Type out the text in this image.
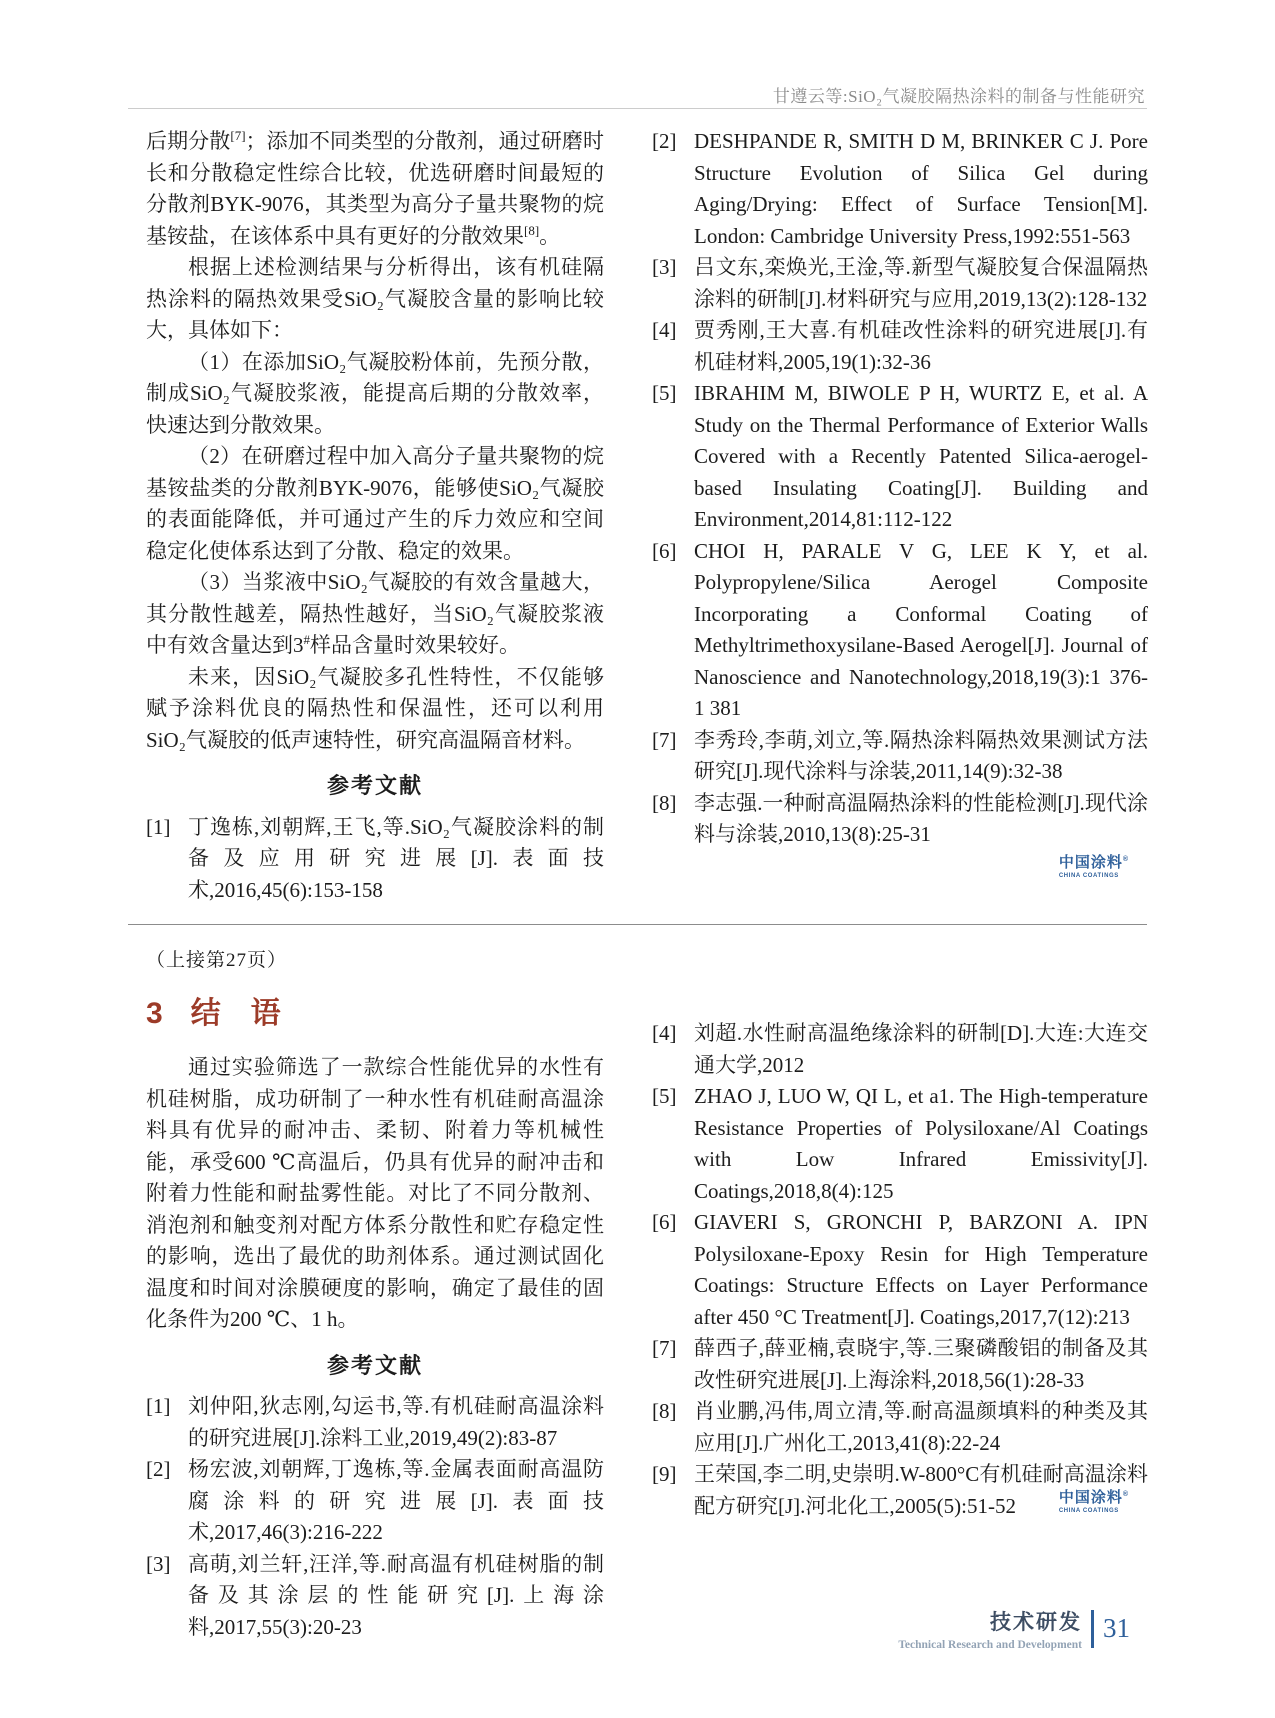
甘遵云等:SiO₂气凝胶隔热涂料的制备与性能研究

后期分散[7]；添加不同类型的分散剂，通过研磨时长和分散稳定性综合比较，优选研磨时间最短的分散剂BYK-9076，其类型为高分子量共聚物的烷基铵盐，在该体系中具有更好的分散效果[8]。

根据上述检测结果与分析得出，该有机硅隔热涂料的隔热效果受SiO₂气凝胶含量的影响比较大，具体如下：

（1）在添加SiO₂气凝胶粉体前，先预分散，制成SiO₂气凝胶浆液，能提高后期的分散效率，快速达到分散效果。

（2）在研磨过程中加入高分子量共聚物的烷基铵盐类的分散剂BYK-9076，能够使SiO₂气凝胶的表面能降低，并可通过产生的斥力效应和空间稳定化使体系达到了分散、稳定的效果。

（3）当浆液中SiO₂气凝胶的有效含量越大，其分散性越差，隔热性越好，当SiO₂气凝胶浆液中有效含量达到3#样品含量时效果较好。

未来，因SiO₂气凝胶多孔性特性，不仅能够赋予涂料优良的隔热性和保温性，还可以利用SiO₂气凝胶的低声速特性，研究高温隔音材料。

参考文献
[1] 丁逸栋,刘朝辉,王飞,等.SiO₂气凝胶涂料的制备及应用研究进展[J].表面技术,2016,45(6):153-158
[2] DESHPANDE R, SMITH D M, BRINKER C J. Pore Structure Evolution of Silica Gel during Aging/Drying: Effect of Surface Tension[M]. London: Cambridge University Press,1992:551-563
[3] 吕文东,栾焕光,王淦,等.新型气凝胶复合保温隔热涂料的研制[J].材料研究与应用,2019,13(2):128-132
[4] 贾秀刚,王大喜.有机硅改性涂料的研究进展[J].有机硅材料,2005,19(1):32-36
[5] IBRAHIM M, BIWOLE P H, WURTZ E, et al. A Study on the Thermal Performance of Exterior Walls Covered with a Recently Patented Silica-aerogel-based Insulating Coating[J]. Building and Environment,2014,81:112-122
[6] CHOI H, PARALE V G, LEE K Y, et al. Polypropylene/Silica Aerogel Composite Incorporating a Conformal Coating of Methyltrimethoxysilane-Based Aerogel[J]. Journal of Nanoscience and Nanotechnology,2018,19(3):1 376-1 381
[7] 李秀玲,李萌,刘立,等.隔热涂料隔热效果测试方法研究[J].现代涂料与涂装,2011,14(9):32-38
[8] 李志强.一种耐高温隔热涂料的性能检测[J].现代涂料与涂装,2010,13(8):25-31
中国涂料®
CHINA COATINGS
（上接第27页）
3 结　语

通过实验筛选了一款综合性能优异的水性有机硅树脂，成功研制了一种水性有机硅耐高温涂料具有优异的耐冲击、柔韧、附着力等机械性能，承受600 ℃高温后，仍具有优异的耐冲击和附着力性能和耐盐雾性能。对比了不同分散剂、消泡剂和触变剂对配方体系分散性和贮存稳定性的影响，选出了最优的助剂体系。通过测试固化温度和时间对涂膜硬度的影响，确定了最佳的固化条件为200 ℃、1 h。

参考文献
[1] 刘仲阳,狄志刚,勾运书,等.有机硅耐高温涂料的研究进展[J].涂料工业,2019,49(2):83-87
[2] 杨宏波,刘朝辉,丁逸栋,等.金属表面耐高温防腐涂料的研究进展[J].表面技术,2017,46(3):216-222
[3] 高萌,刘兰轩,汪洋,等.耐高温有机硅树脂的制备及其涂层的性能研究[J].上海涂料,2017,55(3):20-23
[4] 刘超.水性耐高温绝缘涂料的研制[D].大连:大连交通大学,2012
[5] ZHAO J, LUO W, QI L, et a1. The High-temperature Resistance Properties of Polysiloxane/Al Coatings with Low Infrared Emissivity[J]. Coatings,2018,8(4):125
[6] GIAVERI S, GRONCHI P, BARZONI A. IPN Polysiloxane-Epoxy Resin for High Temperature Coatings: Structure Effects on Layer Performance after 450 °C Treatment[J]. Coatings,2017,7(12):213
[7] 薛西子,薛亚楠,袁晓宇,等.三聚磷酸铝的制备及其改性研究进展[J].上海涂料,2018,56(1):28-33
[8] 肖业鹏,冯伟,周立清,等.耐高温颜填料的种类及其应用[J].广州化工,2013,41(8):22-24
[9] 王荣国,李二明,史崇明.W-800°C有机硅耐高温涂料配方研究[J].河北化工,2005(5):51-52	中国涂料®
CHINA COATINGS
技术研发
Technical Research and Development
31
